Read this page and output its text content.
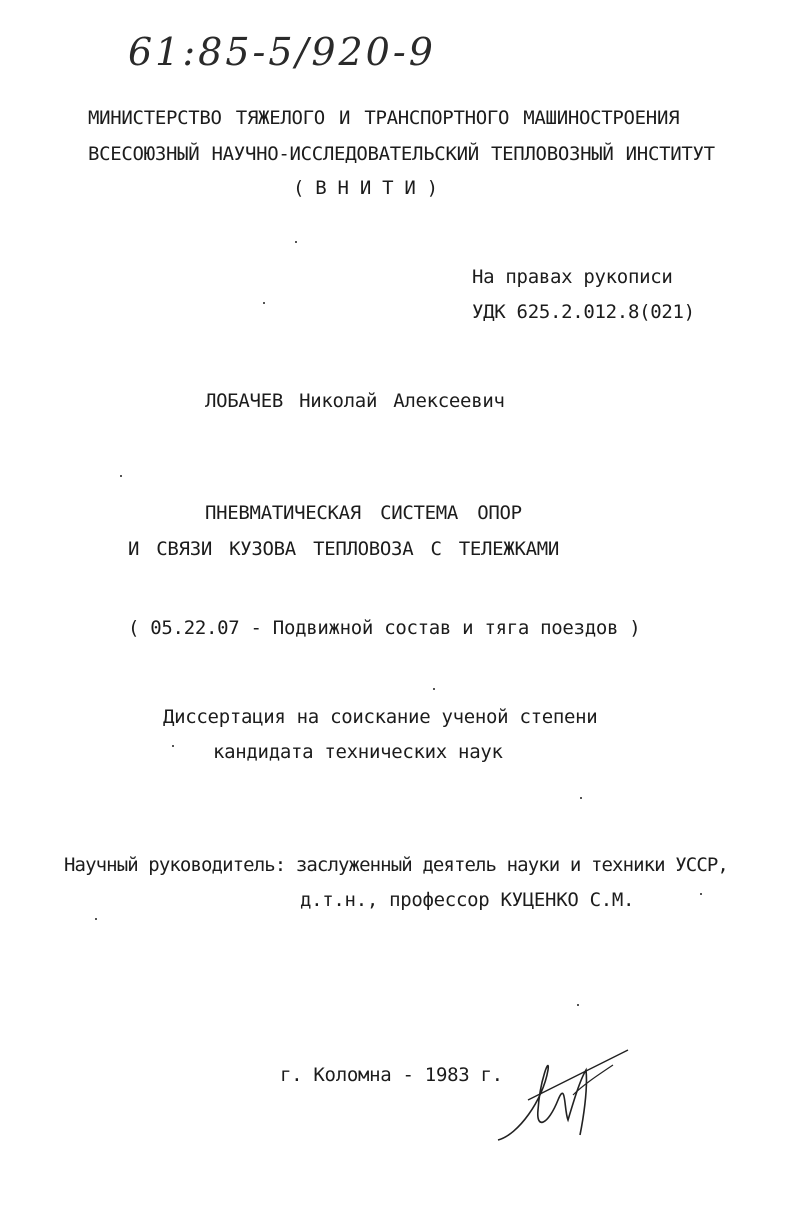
61:85-5/920-9
МИНИСТЕРСТВО ТЯЖЕЛОГО И ТРАНСПОРТНОГО МАШИНОСТРОЕНИЯ
ВСЕСОЮЗНЫЙ НАУЧНО-ИССЛЕДОВАТЕЛЬСКИЙ ТЕПЛОВОЗНЫЙ ИНСТИТУТ
( В Н И Т И )
На правах рукописи
УДК 625.2.012.8(021)
ЛОБАЧЕВ Николай Алексеевич
ПНЕВМАТИЧЕСКАЯ СИСТЕМА ОПОР
И СВЯЗИ КУЗОВА ТЕПЛОВОЗА С ТЕЛЕЖКАМИ
( 05.22.07 - Подвижной состав и тяга поездов )
Диссертация на соискание ученой степени
кандидата технических наук
Научный руководитель: заслуженный деятель науки и техники УССР,
д.т.н., профессор КУЦЕНКО С.М.
г. Коломна - 1983 г.
